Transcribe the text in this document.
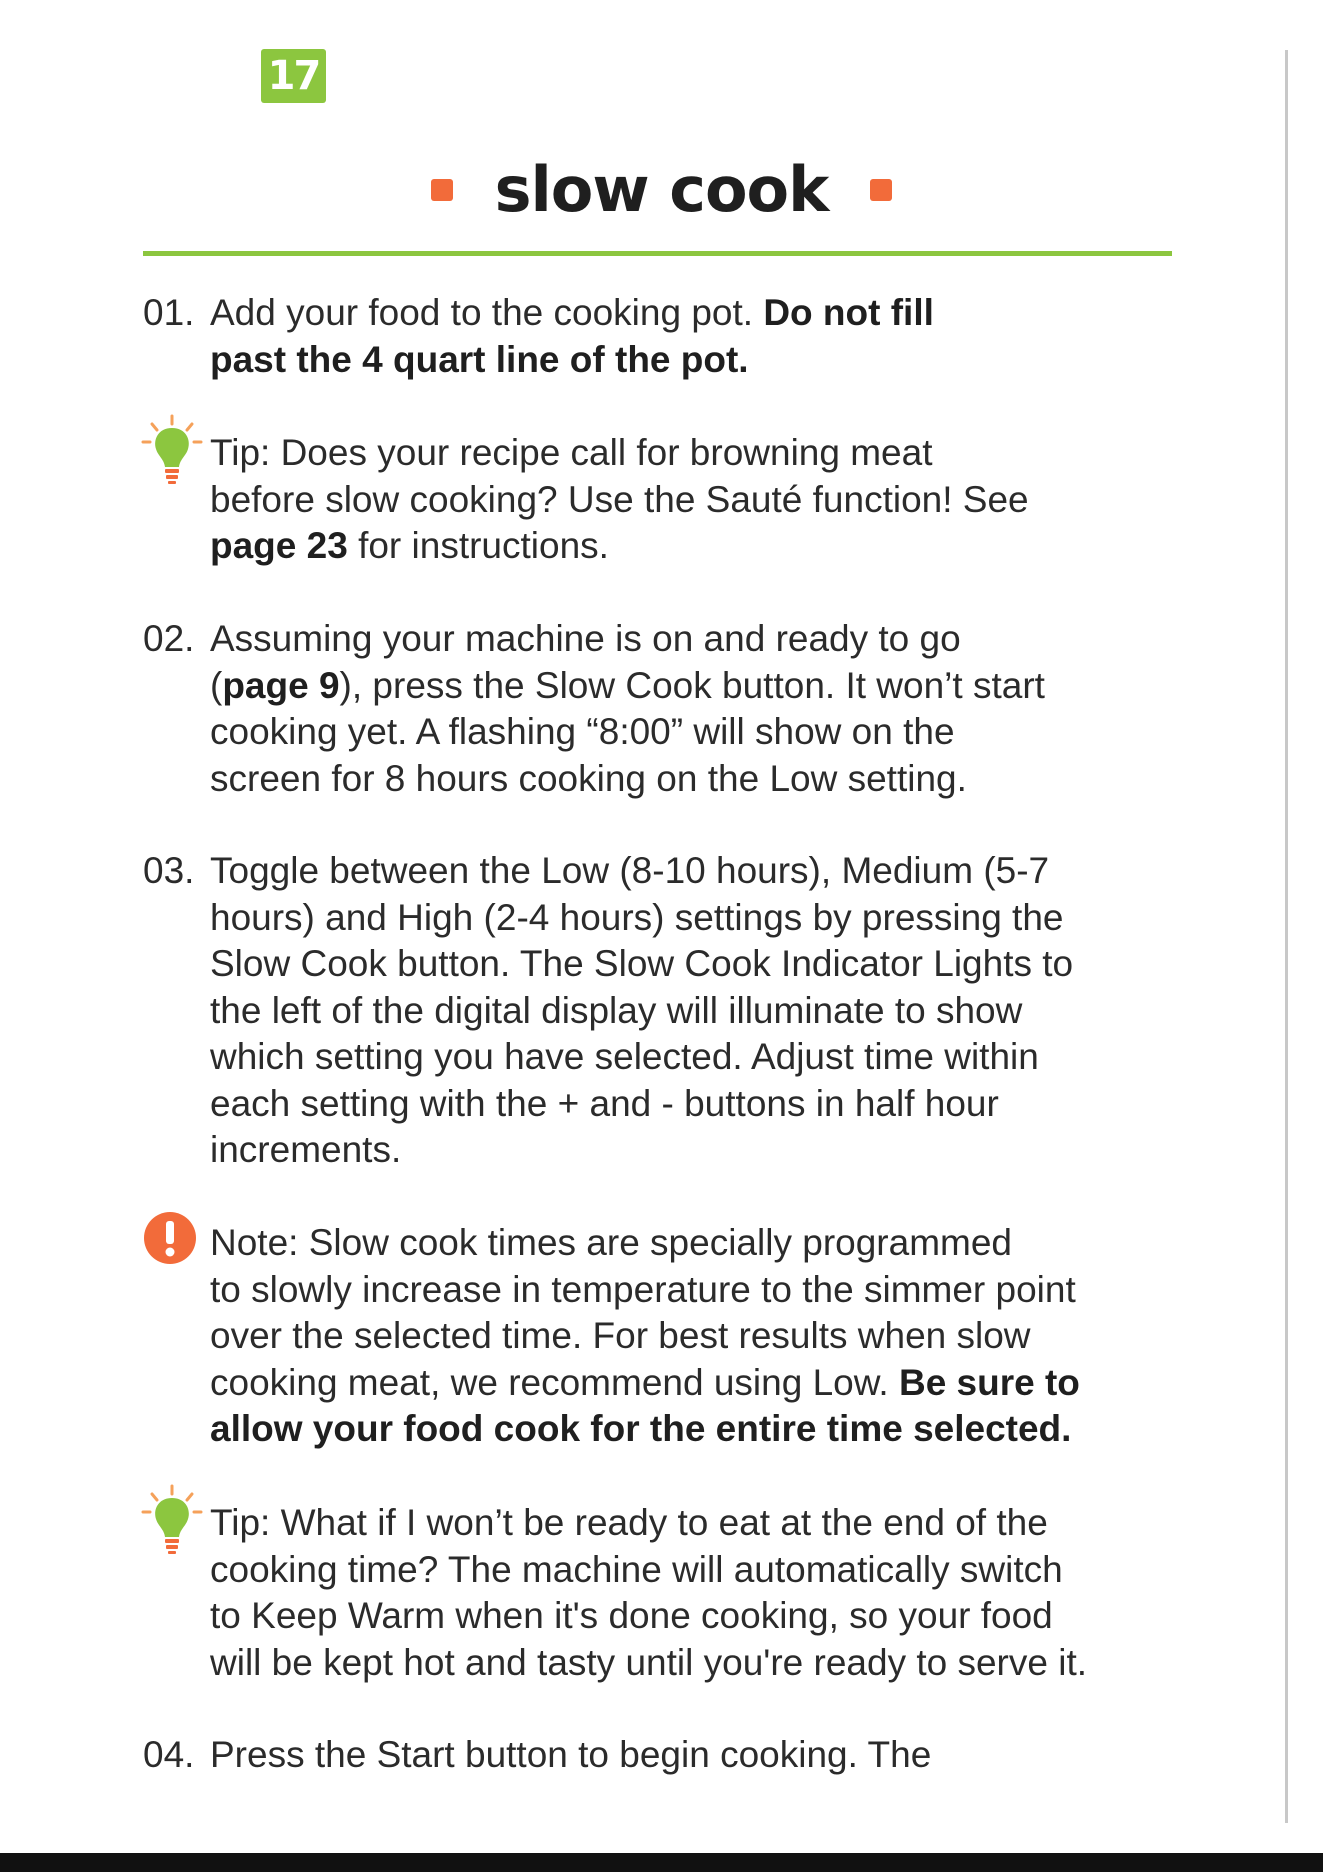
17
slow cook
01. Add your food to the cooking pot. Do not fill
past the 4 quart line of the pot.
Tip: Does your recipe call for browning meat
before slow cooking? Use the Sauté function! See
page 23 for instructions.
02. Assuming your machine is on and ready to go
(page 9), press the Slow Cook button. It won’t start
cooking yet. A flashing “8:00” will show on the
screen for 8 hours cooking on the Low setting.
03. Toggle between the Low (8-10 hours), Medium (5-7
hours) and High (2-4 hours) settings by pressing the
Slow Cook button. The Slow Cook Indicator Lights to
the left of the digital display will illuminate to show
which setting you have selected. Adjust time within
each setting with the + and - buttons in half hour
increments.
Note: Slow cook times are specially programmed
to slowly increase in temperature to the simmer point
over the selected time. For best results when slow
cooking meat, we recommend using Low. Be sure to
allow your food cook for the entire time selected.
Tip: What if I won’t be ready to eat at the end of the
cooking time? The machine will automatically switch
to Keep Warm when it's done cooking, so your food
will be kept hot and tasty until you're ready to serve it.
04. Press the Start button to begin cooking. The
